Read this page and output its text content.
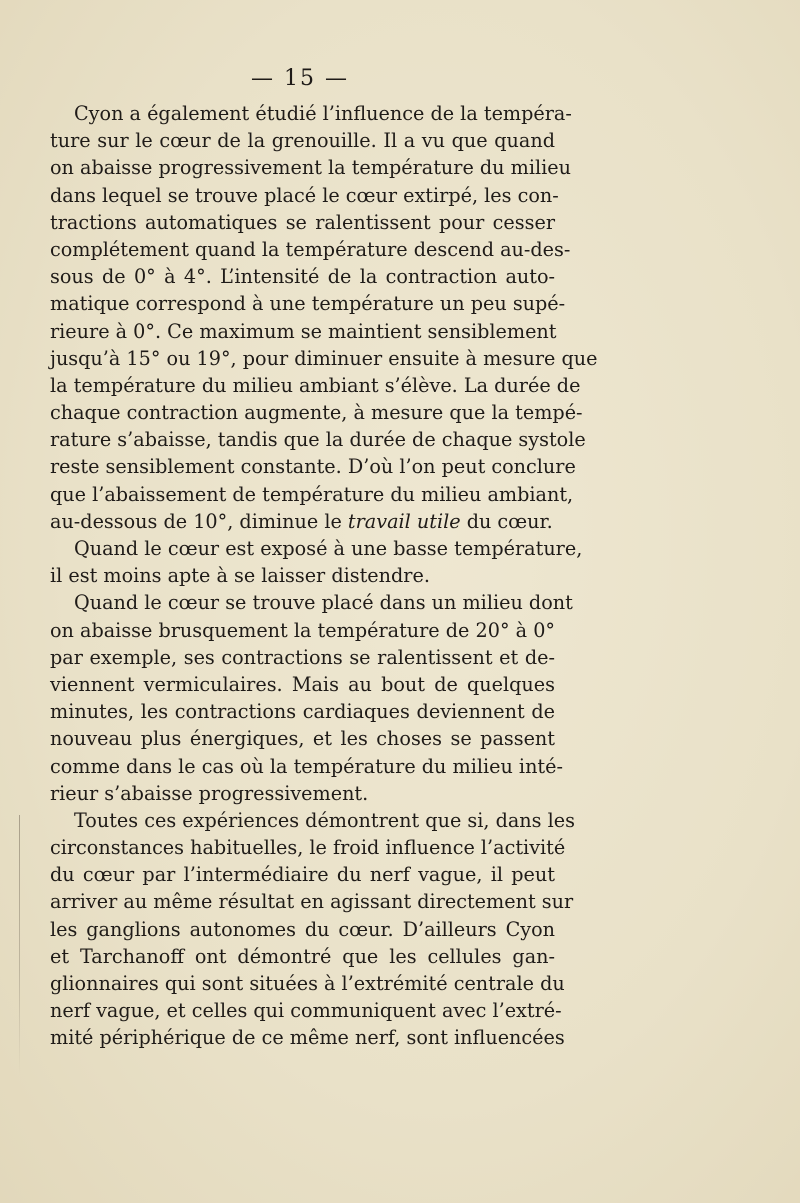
— 15 —

Cyon a également étudié l’influence de la tempéra-
ture sur le cœur de la grenouille. Il a vu que quand
on abaisse progressivement la température du milieu
dans lequel se trouve placé le cœur extirpé, les con-
tractions automatiques se ralentissent pour cesser
complétement quand la température descend au-des-
sous de 0° à 4°. L’intensité de la contraction auto-
matique correspond à une température un peu supé-
rieure à 0°. Ce maximum se maintient sensiblement
jusqu’à 15° ou 19°, pour diminuer ensuite à mesure que
la température du milieu ambiant s’élève. La durée de
chaque contraction augmente, à mesure que la tempé-
rature s’abaisse, tandis que la durée de chaque systole
reste sensiblement constante. D’où l’on peut conclure
que l’abaissement de température du milieu ambiant,
au-dessous de 10°, diminue le travail utile du cœur.

Quand le cœur est exposé à une basse température,
il est moins apte à se laisser distendre.

Quand le cœur se trouve placé dans un milieu dont
on abaisse brusquement la température de 20° à 0°
par exemple, ses contractions se ralentissent et de-
viennent vermiculaires. Mais au bout de quelques
minutes, les contractions cardiaques deviennent de
nouveau plus énergiques, et les choses se passent
comme dans le cas où la température du milieu inté-
rieur s’abaisse progressivement.

Toutes ces expériences démontrent que si, dans les
circonstances habituelles, le froid influence l’activité
du cœur par l’intermédiaire du nerf vague, il peut
arriver au même résultat en agissant directement sur
les ganglions autonomes du cœur. D’ailleurs Cyon
et Tarchanoff ont démontré que les cellules gan-
glionnaires qui sont situées à l’extrémité centrale du
nerf vague, et celles qui communiquent avec l’extré-
mité périphérique de ce même nerf, sont influencées
